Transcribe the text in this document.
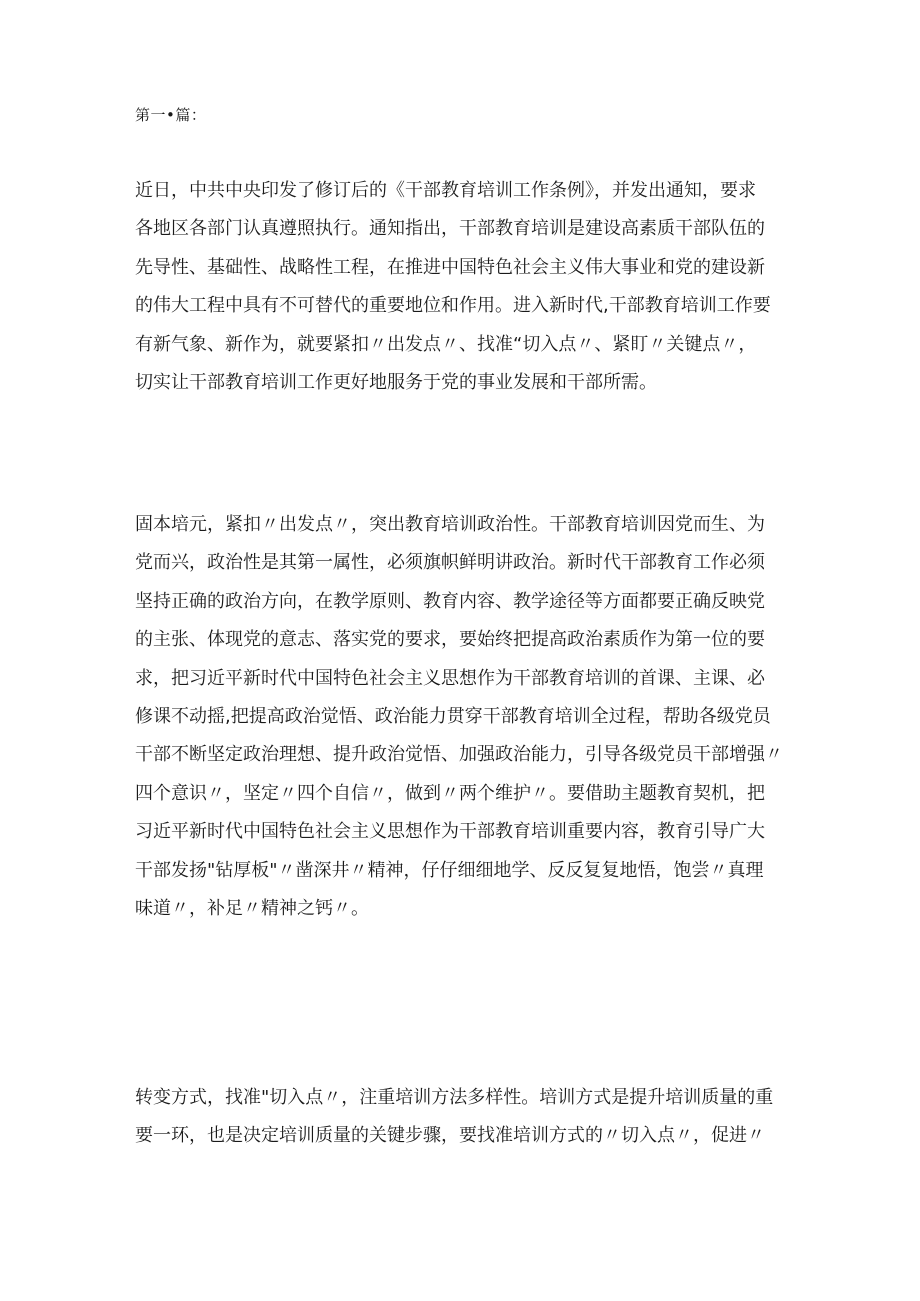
第一•篇：
近日，中共中央印发了修订后的《干部教育培训工作条例》，并发出通知，要求
各地区各部门认真遵照执行。通知指出，干部教育培训是建设高素质干部队伍的
先导性、基础性、战略性工程，在推进中国特色社会主义伟大事业和党的建设新
的伟大工程中具有不可替代的重要地位和作用。进入新时代,干部教育培训工作要
有新气象、新作为，就要紧扣〃出发点〃、找准“切入点〃、紧盯〃关键点〃，
切实让干部教育培训工作更好地服务于党的事业发展和干部所需。
固本培元，紧扣〃出发点〃，突出教育培训政治性。干部教育培训因党而生、为
党而兴，政治性是其第一属性，必须旗帜鲜明讲政治。新时代干部教育工作必须
坚持正确的政治方向，在教学原则、教育内容、教学途径等方面都要正确反映党
的主张、体现党的意志、落实党的要求，要始终把提高政治素质作为第一位的要
求，把习近平新时代中国特色社会主义思想作为干部教育培训的首课、主课、必
修课不动摇,把提高政治觉悟、政治能力贯穿干部教育培训全过程，帮助各级党员
干部不断坚定政治理想、提升政治觉悟、加强政治能力，引导各级党员干部增强〃
四个意识〃，坚定〃四个自信〃，做到〃两个维护〃。要借助主题教育契机，把
习近平新时代中国特色社会主义思想作为干部教育培训重要内容，教育引导广大
干部发扬"钻厚板"〃凿深井〃精神，仔仔细细地学、反反复复地悟，饱尝〃真理
味道〃，补足〃精神之钙〃。
转变方式，找准"切入点〃，注重培训方法多样性。培训方式是提升培训质量的重
要一环，也是决定培训质量的关键步骤，要找准培训方式的〃切入点〃，促进〃
